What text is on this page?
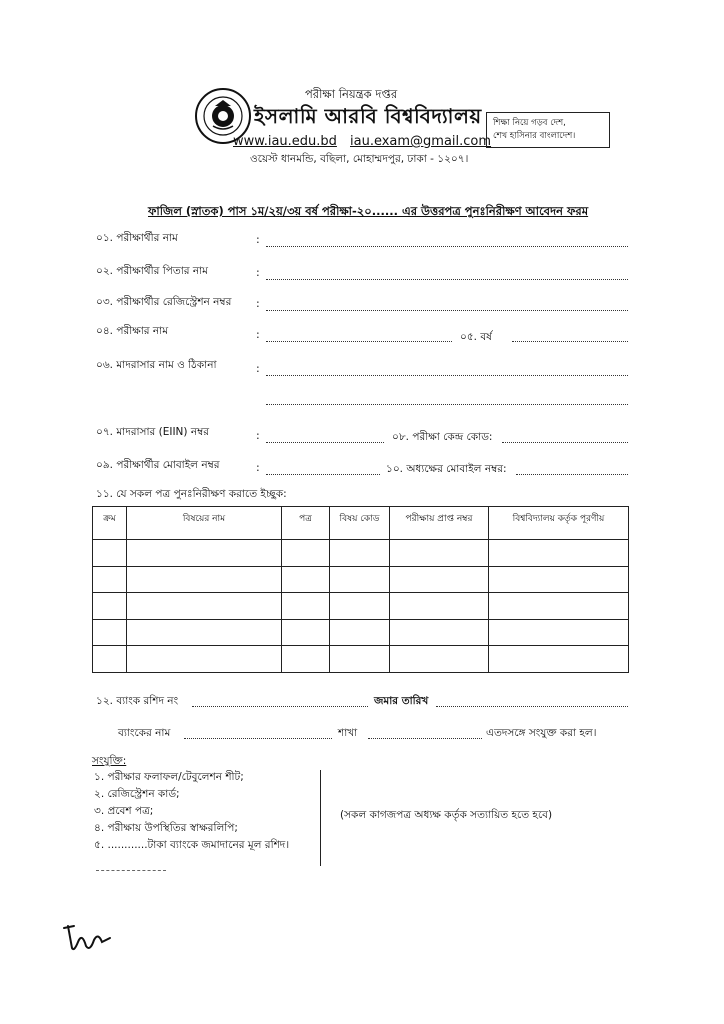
পরীক্ষা নিয়ন্ত্রক দপ্তর
ইসলামি আরবি বিশ্ববিদ্যালয়
www.iau.edu.bd iau.exam@gmail.com
ওয়েস্ট ধানমন্ডি, বছিলা, মোহাম্মদপুর, ঢাকা - ১২০৭।
শিক্ষা নিয়ে গড়ব দেশ,
শেখ হাসিনার বাংলাদেশ।
ফাজিল (স্নাতক) পাস ১ম/২য়/৩য় বর্ষ পরীক্ষা-২০...... এর উত্তরপত্র পুনঃনিরীক্ষণ আবেদন ফরম
০১. পরীক্ষার্থীর নাম	:
০২. পরীক্ষার্থীর পিতার নাম	:
০৩. পরীক্ষার্থীর রেজিস্ট্রেশন নম্বর :
০৪. পরীক্ষার নাম	:	০৫. বর্ষ
০৬. মাদরাসার নাম ও ঠিকানা	:
০৭. মাদরাসার (EIIN) নম্বর	:	০৮. পরীক্ষা কেন্দ্র কোড:
০৯. পরীক্ষার্থীর মোবাইল নম্বর	:	১০. অধ্যক্ষের মোবাইল নম্বর:
১১. যে সকল পত্র পুনঃনিরীক্ষণ করাতে ইচ্ছুক:
ক্রম	বিষয়ের নাম	পত্র	বিষয় কোড	পরীক্ষায় প্রাপ্ত নম্বর	বিশ্ববিদ্যালয় কর্তৃক পূরণীয়

১২. ব্যাংক রশিদ নং	জমার তারিখ
ব্যাংকের নাম	শাখা	এতদসঙ্গে সংযুক্ত করা হল।
সংযুক্তি:
১. পরীক্ষার ফলাফল/টেবুলেশন শীট;
২. রেজিস্ট্রেশন কার্ড;
৩. প্রবেশ পত্র;
৪. পরীক্ষায় উপস্থিতির স্বাক্ষরলিপি;
৫. ............টাকা ব্যাংকে জমাদানের মূল রশিদ।
(সকল কাগজপত্র অধ্যক্ষ কর্তৃক সত্যায়িত হতে হবে)
